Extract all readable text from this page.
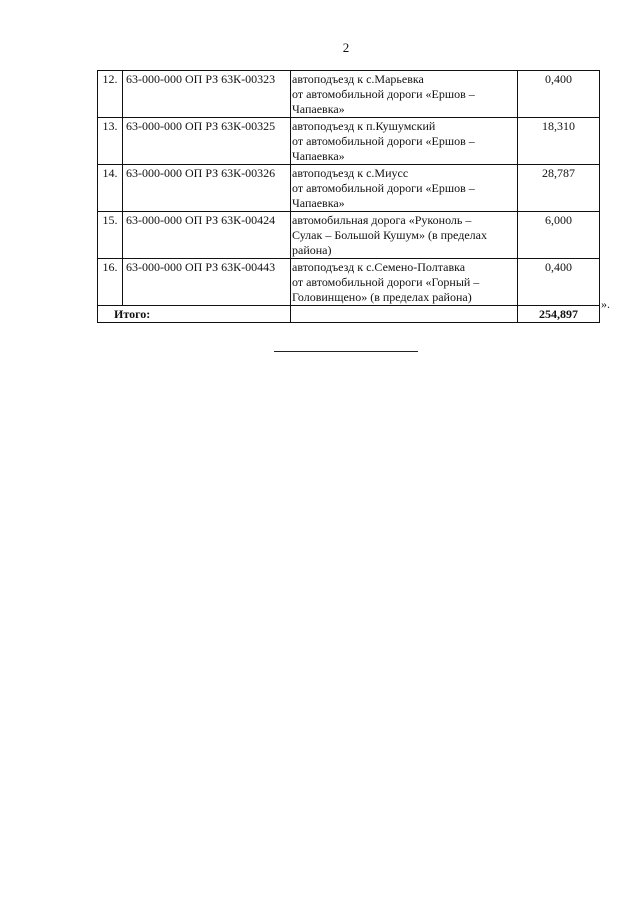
2
12.	63-000-000 ОП РЗ 63К-00323	автоподъезд к с.Марьевка
от автомобильной дороги «Ершов –
Чапаевка»	0,400
13.	63-000-000 ОП РЗ 63К-00325	автоподъезд к п.Кушумский
от автомобильной дороги «Ершов –
Чапаевка»	18,310
14.	63-000-000 ОП РЗ 63К-00326	автоподъезд к с.Миусс
от автомобильной дороги «Ершов –
Чапаевка»	28,787
15.	63-000-000 ОП РЗ 63К-00424	автомобильная дорога «Руконоль –
Сулак – Большой Кушум» (в пределах
района)	6,000
16.	63-000-000 ОП РЗ 63К-00443	автоподъезд к с.Семено-Полтавка
от автомобильной дороги «Горный –
Головинщено» (в пределах района)	0,400
Итого:			254,897
».
